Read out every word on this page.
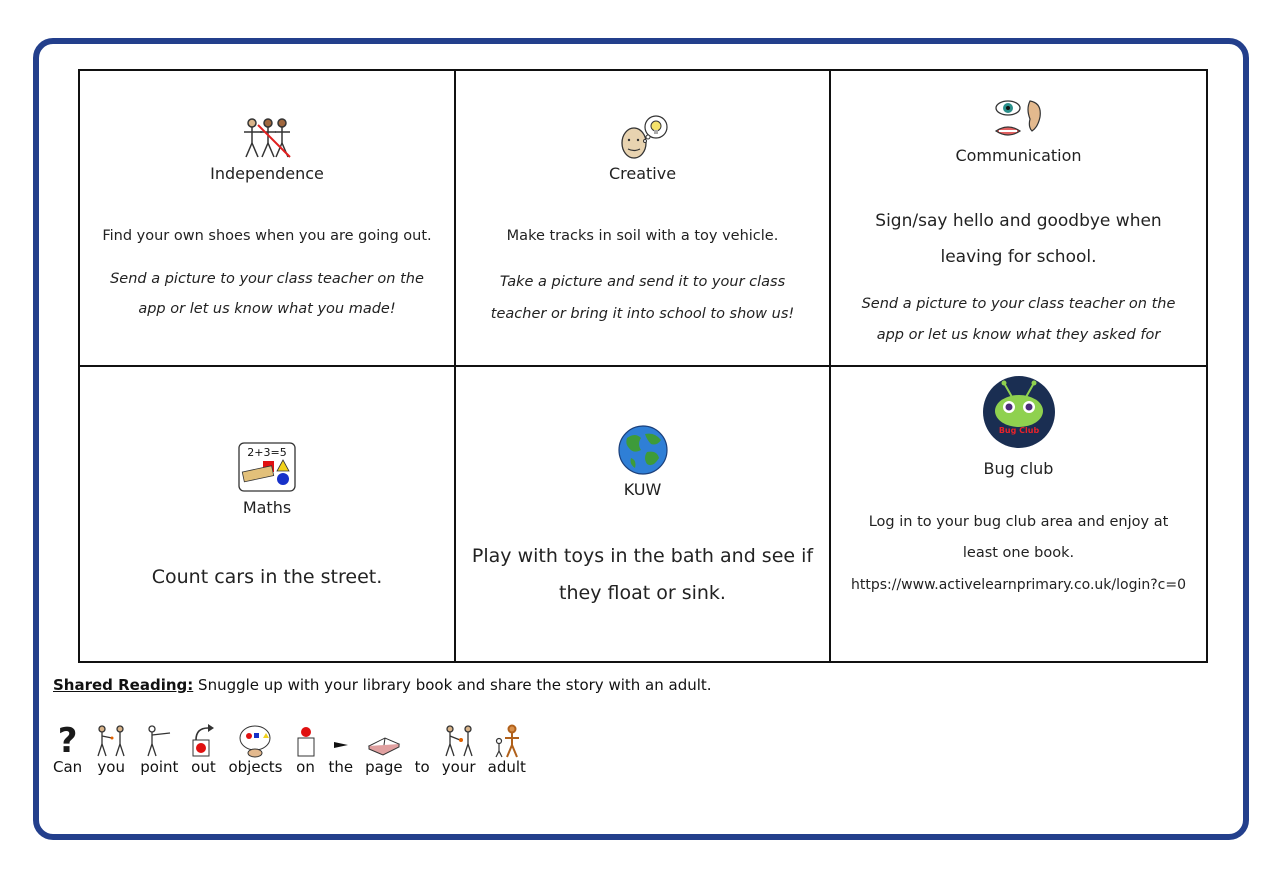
Independence
Find your own shoes when you are going out.
Send a picture to your class teacher on the
app or let us know what you made!
Creative
Make tracks in soil with a toy vehicle.
Take a picture and send it to your class
teacher or bring it into school to show us!
Communication
Sign/say hello and goodbye when
leaving for school.
Send a picture to your class teacher on the
app or let us know what they asked for
2+3=5
Maths
Count cars in the street.
KUW
Play with toys in the bath and see if
they float or sink.
Bug Club
Bug club
Log in to your bug club area and enjoy at
least one book.
https://www.activelearnprimary.co.uk/login?c=0
Shared Reading: Snuggle up with your library book and share the story with an adult.
?
Can you point out objects on the page to your adult
